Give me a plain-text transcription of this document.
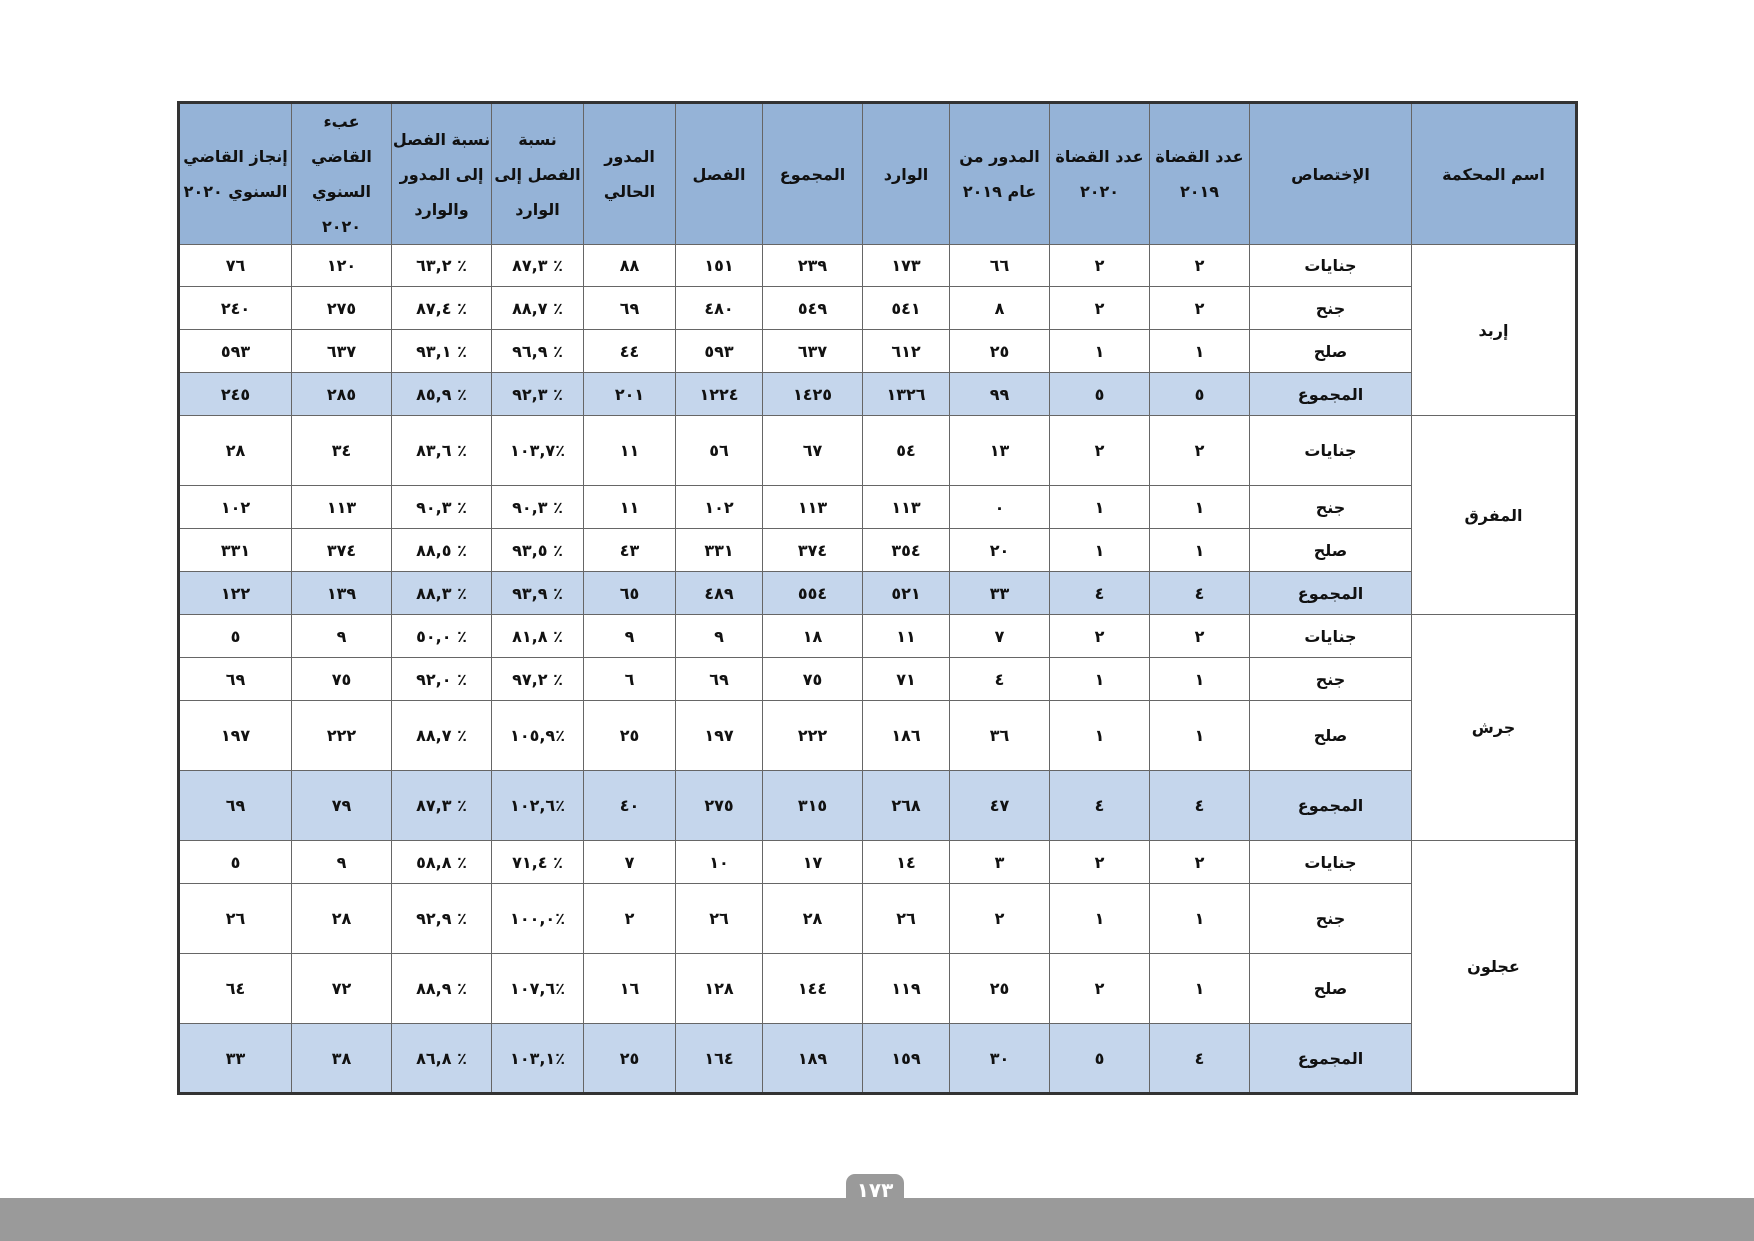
اسم المحكمة	الإختصاص	عدد القضاة ٢٠١٩	عدد القضاة ٢٠٢٠	المدور من عام ٢٠١٩	الوارد	المجموع	الفصل	المدور الحالي	نسبة الفصل إلى الوارد	نسبة الفصل إلى المدور والوارد	عبء القاضي السنوي ٢٠٢٠	إنجاز القاضي السنوي ٢٠٢٠
إربد	جنايات	٢	٢	٦٦	١٧٣	٢٣٩	١٥١	٨٨	٪ ٨٧,٣	٪ ٦٣,٢	١٢٠	٧٦
	جنح	٢	٢	٨	٥٤١	٥٤٩	٤٨٠	٦٩	٪ ٨٨,٧	٪ ٨٧,٤	٢٧٥	٢٤٠
	صلح	١	١	٢٥	٦١٢	٦٣٧	٥٩٣	٤٤	٪ ٩٦,٩	٪ ٩٣,١	٦٣٧	٥٩٣
	المجموع	٥	٥	٩٩	١٣٢٦	١٤٢٥	١٢٢٤	٢٠١	٪ ٩٢,٣	٪ ٨٥,٩	٢٨٥	٢٤٥
المفرق	جنايات	٢	٢	١٣	٥٤	٦٧	٥٦	١١	٪١٠٣,٧	٪ ٨٣,٦	٣٤	٢٨
	جنح	١	١	٠	١١٣	١١٣	١٠٢	١١	٪ ٩٠,٣	٪ ٩٠,٣	١١٣	١٠٢
	صلح	١	١	٢٠	٣٥٤	٣٧٤	٣٣١	٤٣	٪ ٩٣,٥	٪ ٨٨,٥	٣٧٤	٣٣١
	المجموع	٤	٤	٣٣	٥٢١	٥٥٤	٤٨٩	٦٥	٪ ٩٣,٩	٪ ٨٨,٣	١٣٩	١٢٢
جرش	جنايات	٢	٢	٧	١١	١٨	٩	٩	٪ ٨١,٨	٪ ٥٠,٠	٩	٥
	جنح	١	١	٤	٧١	٧٥	٦٩	٦	٪ ٩٧,٢	٪ ٩٢,٠	٧٥	٦٩
	صلح	١	١	٣٦	١٨٦	٢٢٢	١٩٧	٢٥	٪١٠٥,٩	٪ ٨٨,٧	٢٢٢	١٩٧
	المجموع	٤	٤	٤٧	٢٦٨	٣١٥	٢٧٥	٤٠	٪١٠٢,٦	٪ ٨٧,٣	٧٩	٦٩
عجلون	جنايات	٢	٢	٣	١٤	١٧	١٠	٧	٪ ٧١,٤	٪ ٥٨,٨	٩	٥
	جنح	١	١	٢	٢٦	٢٨	٢٦	٢	٪١٠٠,٠	٪ ٩٢,٩	٢٨	٢٦
	صلح	١	٢	٢٥	١١٩	١٤٤	١٢٨	١٦	٪١٠٧,٦	٪ ٨٨,٩	٧٢	٦٤
	المجموع	٤	٥	٣٠	١٥٩	١٨٩	١٦٤	٢٥	٪١٠٣,١	٪ ٨٦,٨	٣٨	٣٣
١٧٣
